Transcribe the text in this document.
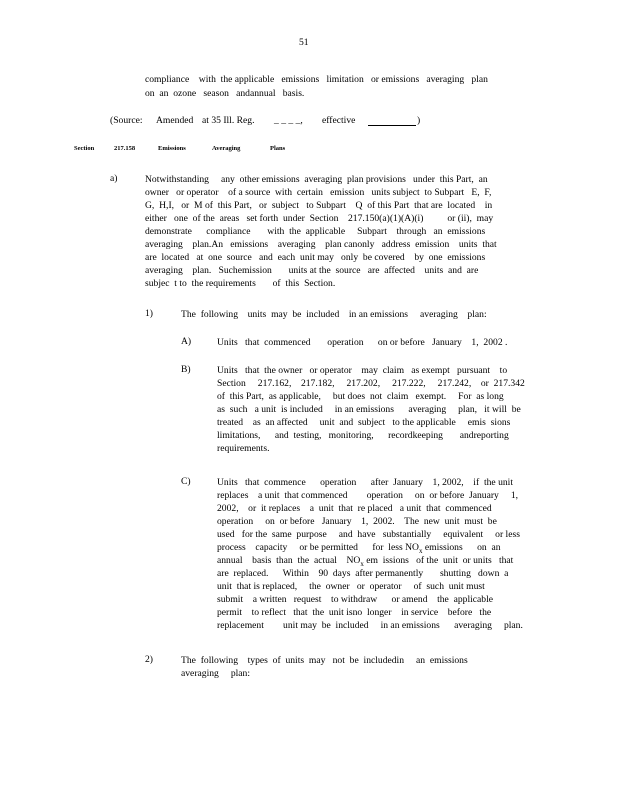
51
compliance    with  the applicable   emissions   limitation   or emissions   averaging   plan
on  an  ozone   season   andannual   basis.
(Source: Amended at 35 Ill. Reg. _ _ _ _, effective	)
Section	217.158	Emissions	Averaging	Plans
a)	Notwithstanding     any  other emissions  averaging  plan provisions   under  this Part,  an
owner   or operator    of a source  with  certain   emission   units subject  to Subpart   E,  F,
G,  H,I,   or  M of  this Part,   or  subject   to Subpart    Q  of this Part  that are  located    in
either   one  of the  areas   set forth  under  Section    217.150(a)(1)(A)(i)          or (ii),  may
demonstrate      compliance       with  the  applicable     Subpart    through   an  emissions
averaging    plan.An   emissions    averaging    plan canonly   address  emission    units  that
are  located   at  one  source   and  each  unit may   only  be covered    by  one  emissions
averaging    plan.   Suchemission       units at the  source   are  affected    units  and  are
subjec  t to  the requirements       of  this  Section.
1)	The  following    units  may  be  included    in an emissions     averaging    plan:
A)	Units   that  commenced       operation      on or before   January    1,  2002 .
B)	Units   that  the owner   or operator    may  claim   as exempt   pursuant    to
Section     217.162,    217.182,     217.202,     217.222,     217.242,    or  217.342
of  this Part,  as applicable,     but does  not  claim   exempt.     For  as long
as  such   a unit  is included     in an emissions      averaging     plan,   it will  be
treated    as  an affected     unit  and  subject   to the applicable     emis  sions
limitations,      and  testing,   monitoring,      recordkeeping       andreporting
requirements.
C)	Units   that  commence      operation      after  January    1, 2002,    if  the unit
replaces    a unit  that commenced        operation     on  or before  January     1,
2002,    or  it replaces    a  unit  that  re placed   a unit  that  commenced
operation     on  or before   January    1,  2002.    The  new  unit  must  be
used   for the  same  purpose     and  have   substantially     equivalent     or less
process    capacity     or be permitted      for  less $NO_x$ emissions      on  an
annual    basis  than  the  actual    $NO_x$ em  issions   of the  unit  or units   that
are  replaced.      Within    90  days  after permanently       shutting   down  a
unit  that is replaced,     the  owner   or  operator     of  such  unit must
submit    a written   request    to withdraw      or amend    the  applicable
permit    to reflect   that  the  unit isno  longer    in service    before   the
replacement        unit may  be  included     in an emissions      averaging     plan.
2)	The  following    types  of  units  may   not  be  includedin     an  emissions
averaging     plan:
